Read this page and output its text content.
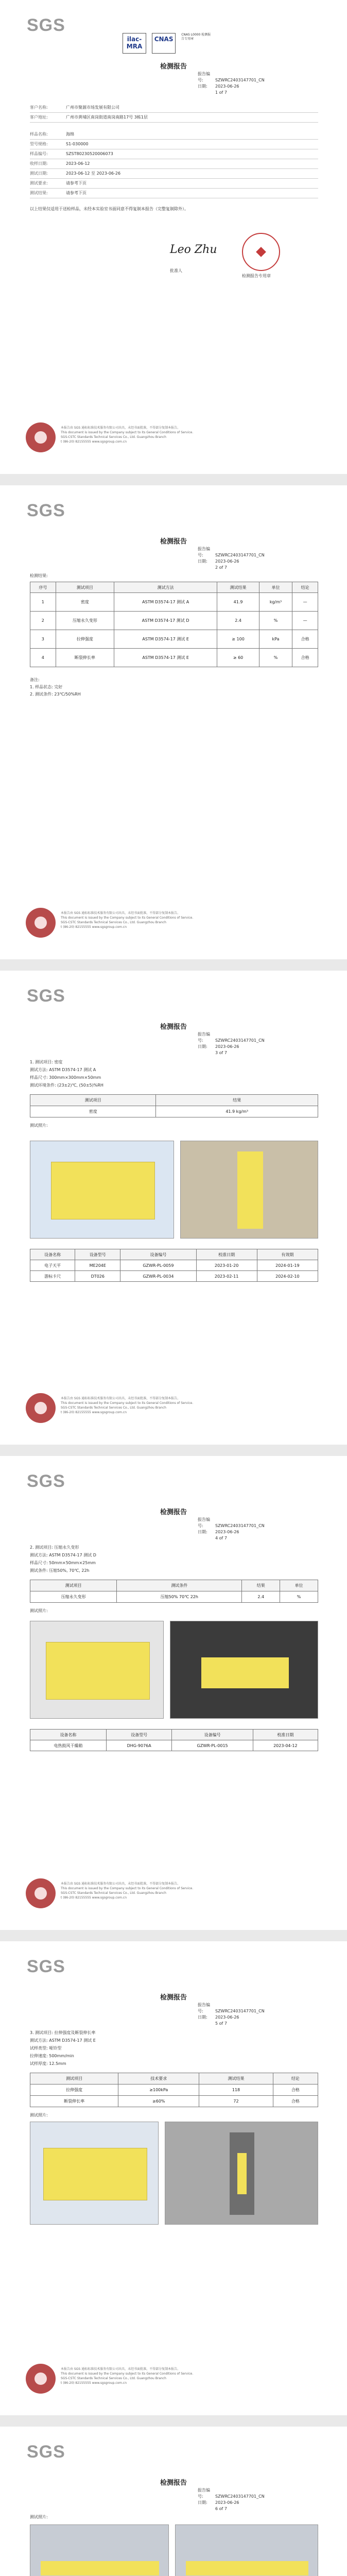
SGS
ilac-MRA

CNAS
CNAS L0000 检测报告专用章
检测报告
报告编号:	SZWRC2403147701_CN
日期: 2023-06-26
1 of 7
客户名称:	广州市聚源市场发展有限公司
客户地址:	广州市黄埔区南岗街道南岗南路17号 3栋1层
样品名称:	海绵
型号规格:	S1-030000
样品编号:	SZST80230520006073
收样日期:	2023-06-12
测试日期:	2023-06-12 至 2023-06-26
测试要求:	请参考下页
测试结果:	请参考下页
以上结果仅适用于送检样品，未经本实验室书面同意不得复制本报告（完整复制除外）。
Leo Zhu
批准人
检测报告专用章
本报告由 SGS 通标标准技术服务有限公司出具，未经书面批准，不得部分复制本报告。
This document is issued by the Company subject to its General Conditions of Service.
SGS-CSTC Standards Technical Services Co., Ltd. Guangzhou Branch
t (86-20) 82155555 www.sgsgroup.com.cn
SGS
检测报告
报告编号:	SZWRC2403147701_CN
日期: 2023-06-26
2 of 7
检测结果:
序号	测试项目	测试方法	测试结果	单位	结论
1	密度	ASTM D3574-17 测试 A	41.9	kg/m³	—
2	压缩永久变形	ASTM D3574-17 测试 D	2.4	%	—
3	拉伸强度	ASTM D3574-17 测试 E	≥ 100	kPa	合格
4	断裂伸长率	ASTM D3574-17 测试 E	≥ 60	%	合格
备注:
1. 样品状态: 完好
2. 测试条件: 23℃/50%RH
本报告由 SGS 通标标准技术服务有限公司出具，未经书面批准，不得部分复制本报告。
This document is issued by the Company subject to its General Conditions of Service.
SGS-CSTC Standards Technical Services Co., Ltd. Guangzhou Branch
t (86-20) 82155555 www.sgsgroup.com.cn
SGS
检测报告
报告编号:	SZWRC2403147701_CN
日期: 2023-06-26
3 of 7
1. 测试项目: 密度
测试方法: ASTM D3574-17 测试 A
样品尺寸: 300mm×300mm×50mm
测试环境条件: (23±2)℃, (50±5)%RH
测试项目	结果
密度	41.9 kg/m³
测试照片:
设备名称	设备型号	设备编号	校准日期	有效期
电子天平	ME204E	GZWR-PL-0059	2023-01-20	2024-01-19
游标卡尺	DT026	GZWR-PL-0034	2023-02-11	2024-02-10
本报告由 SGS 通标标准技术服务有限公司出具，未经书面批准，不得部分复制本报告。
This document is issued by the Company subject to its General Conditions of Service.
SGS-CSTC Standards Technical Services Co., Ltd. Guangzhou Branch
t (86-20) 82155555 www.sgsgroup.com.cn
SGS
检测报告
报告编号:	SZWRC2403147701_CN
日期: 2023-06-26
4 of 7
2. 测试项目: 压缩永久变形
测试方法: ASTM D3574-17 测试 D
样品尺寸: 50mm×50mm×25mm
测试条件: 压缩50%, 70℃, 22h
测试项目	测试条件	结果	单位
压缩永久变形	压缩50% 70℃ 22h	2.4	%
测试照片:
设备名称	设备型号	设备编号	校准日期
电热鼓风干燥箱	DHG-9076A	GZWR-PL-0015	2023-04-12
本报告由 SGS 通标标准技术服务有限公司出具，未经书面批准，不得部分复制本报告。
This document is issued by the Company subject to its General Conditions of Service.
SGS-CSTC Standards Technical Services Co., Ltd. Guangzhou Branch
t (86-20) 82155555 www.sgsgroup.com.cn
SGS
检测报告
报告编号:	SZWRC2403147701_CN
日期: 2023-06-26
5 of 7
3. 测试项目: 拉伸强度及断裂伸长率
测试方法: ASTM D3574-17 测试 E
试样类型: 哑铃型
拉伸速度: 500mm/min
试样厚度: 12.5mm
测试项目	技术要求	测试结果	结论
拉伸强度	≥100kPa	118	合格
断裂伸长率	≥60%	72	合格
测试照片:
本报告由 SGS 通标标准技术服务有限公司出具，未经书面批准，不得部分复制本报告。
This document is issued by the Company subject to its General Conditions of Service.
SGS-CSTC Standards Technical Services Co., Ltd. Guangzhou Branch
t (86-20) 82155555 www.sgsgroup.com.cn
SGS
检测报告
报告编号:	SZWRC2403147701_CN
日期: 2023-06-26
6 of 7
测试照片:
